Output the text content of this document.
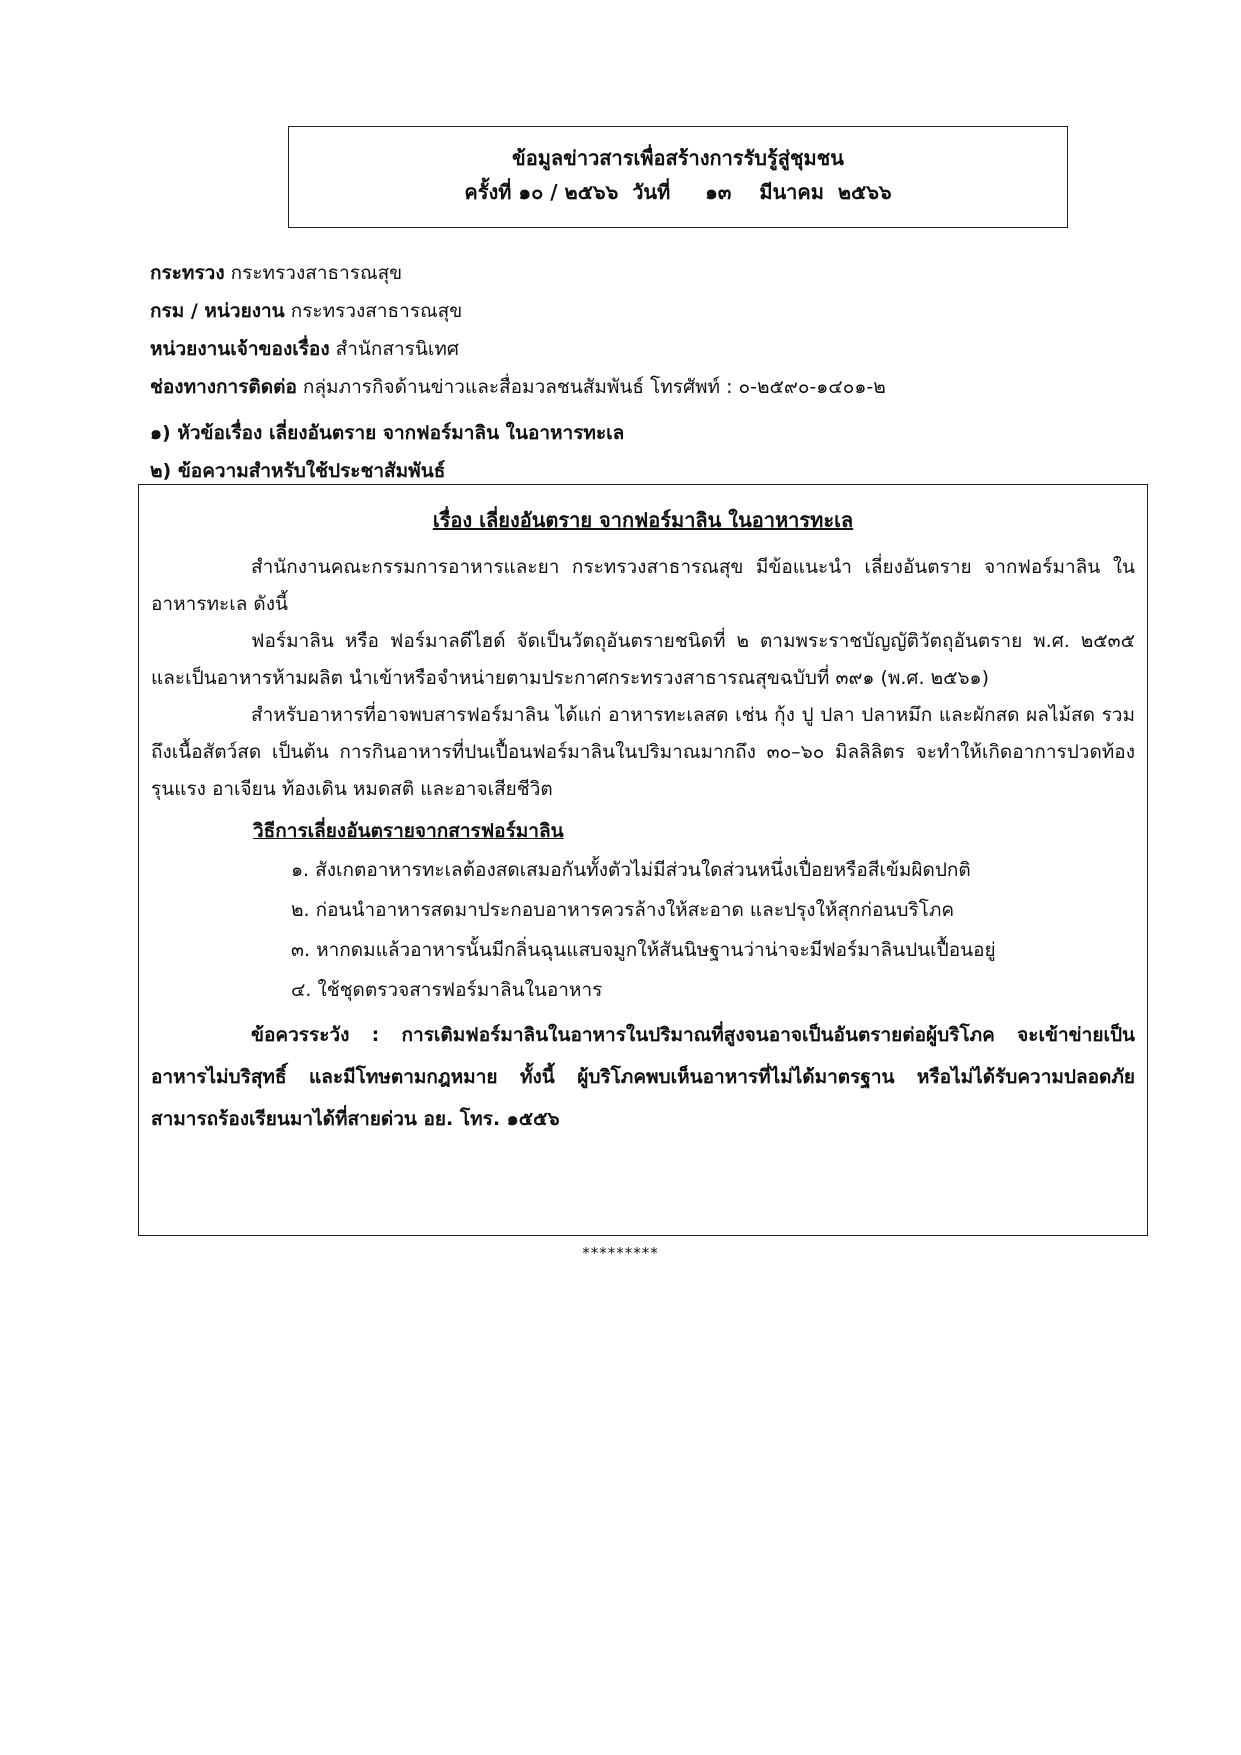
ข้อมูลข่าวสารเพื่อสร้างการรับรู้สู่ชุมชน
ครั้งที่ ๑๐ / ๒๕๖๖  วันที่     ๑๓    มีนาคม  ๒๕๖๖
กระทรวง กระทรวงสาธารณสุข
กรม / หน่วยงาน กระทรวงสาธารณสุข
หน่วยงานเจ้าของเรื่อง สำนักสารนิเทศ
ช่องทางการติดต่อ กลุ่มภารกิจด้านข่าวและสื่อมวลชนสัมพันธ์ โทรศัพท์ : ๐-๒๕๙๐-๑๔๐๑-๒
๑) หัวข้อเรื่อง เลี่ยงอันตราย จากฟอร์มาลิน ในอาหารทะเล
๒) ข้อความสำหรับใช้ประชาสัมพันธ์
เรื่อง เลี่ยงอันตราย จากฟอร์มาลิน ในอาหารทะเล
สำนักงานคณะกรรมการอาหารและยา กระทรวงสาธารณสุข มีข้อแนะนำ เลี่ยงอันตราย จากฟอร์มาลิน ในอาหารทะเล ดังนี้
ฟอร์มาลิน หรือ ฟอร์มาลดีไฮด์ จัดเป็นวัตถุอันตรายชนิดที่ ๒ ตามพระราชบัญญัติวัตถุอันตราย พ.ศ. ๒๕๓๕ และเป็นอาหารห้ามผลิต นำเข้าหรือจำหน่ายตามประกาศกระทรวงสาธารณสุขฉบับที่ ๓๙๑ (พ.ศ. ๒๕๖๑)
สำหรับอาหารที่อาจพบสารฟอร์มาลิน ได้แก่ อาหารทะเลสด เช่น กุ้ง ปู ปลา ปลาหมึก และผักสด ผลไม้สด รวมถึงเนื้อสัตว์สด เป็นต้น การกินอาหารที่ปนเปื้อนฟอร์มาลินในปริมาณมากถึง ๓๐–๖๐ มิลลิลิตร จะทำให้เกิดอาการปวดท้องรุนแรง อาเจียน ท้องเดิน หมดสติ และอาจเสียชีวิต
วิธีการเลี่ยงอันตรายจากสารฟอร์มาลิน
๑. สังเกตอาหารทะเลต้องสดเสมอกันทั้งตัวไม่มีส่วนใดส่วนหนึ่งเปื่อยหรือสีเข้มผิดปกติ
๒. ก่อนนำอาหารสดมาประกอบอาหารควรล้างให้สะอาด และปรุงให้สุกก่อนบริโภค
๓. หากดมแล้วอาหารนั้นมีกลิ่นฉุนแสบจมูกให้สันนิษฐานว่าน่าจะมีฟอร์มาลินปนเปื้อนอยู่
๔. ใช้ชุดตรวจสารฟอร์มาลินในอาหาร
ข้อควรระวัง : การเติมฟอร์มาลินในอาหารในปริมาณที่สูงจนอาจเป็นอันตรายต่อผู้บริโภค จะเข้าข่ายเป็นอาหารไม่บริสุทธิ์ และมีโทษตามกฎหมาย ทั้งนี้ ผู้บริโภคพบเห็นอาหารที่ไม่ได้มาตรฐาน หรือไม่ได้รับความปลอดภัย สามารถร้องเรียนมาได้ที่สายด่วน อย. โทร. ๑๕๕๖
*********
